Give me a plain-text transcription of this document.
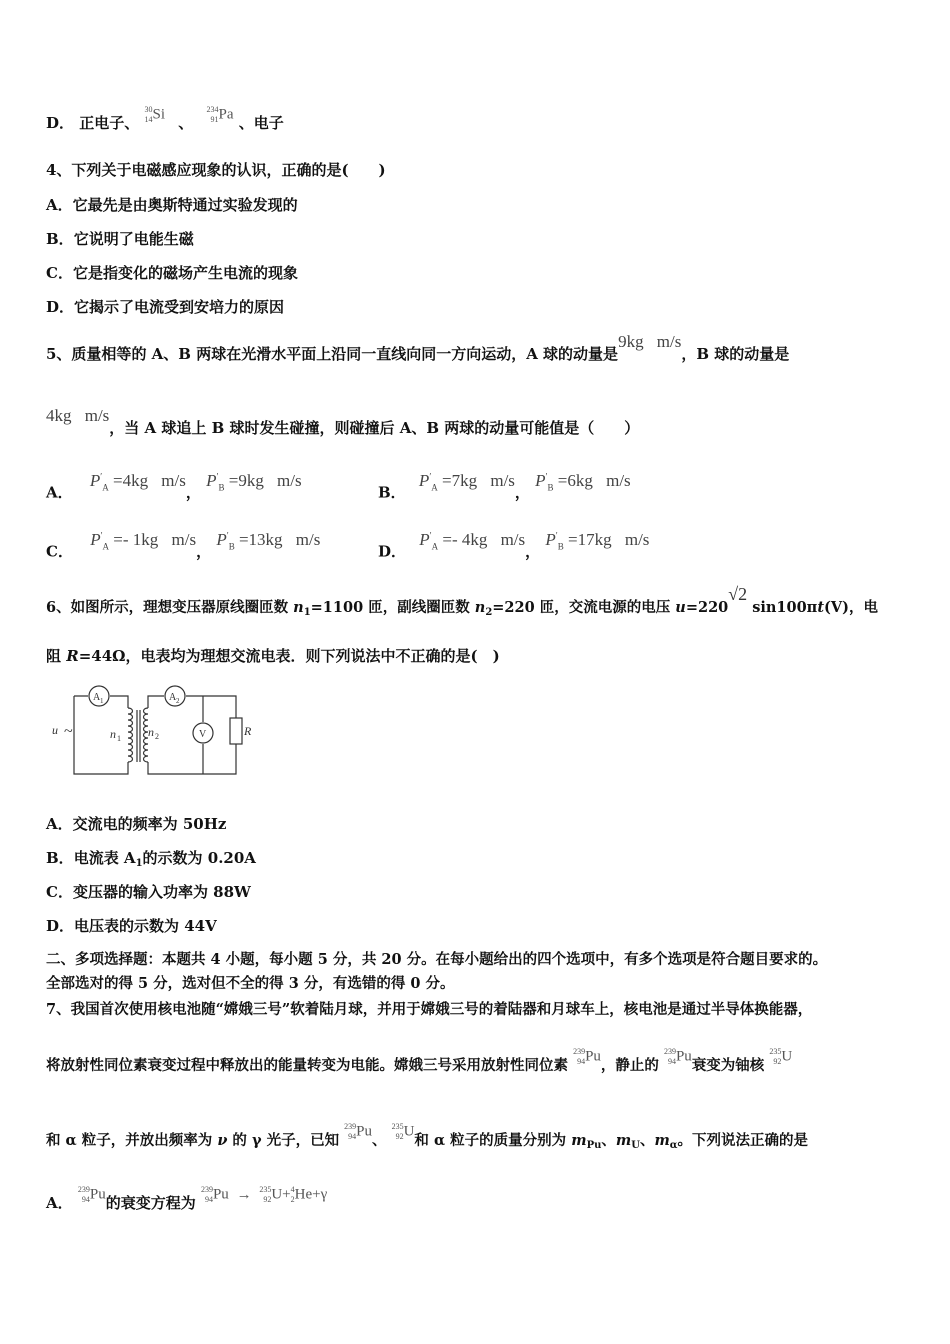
D． 正电子、
30
14 Si 、
234
91 Pa 、电子
4、下列关于电磁感应现象的认识，正确的是(　　)
A．它最先是由奥斯特通过实验发现的
B．它说明了电能生磁
C．它是指变化的磁场产生电流的现象
D．它揭示了电流受到安培力的原因
5、质量相等的 A、B 两球在光滑水平面上沿同一直线向同一方向运动，A 球的动量是9kg⃞m/s，B 球的动量是
4kg⃞m/s，当 A 球追上 B 球时发生碰撞，则碰撞后 A、B 两球的动量可能值是（　　）
A． $P'_A$ =4kg⃞m/s， $P'_B$ =9kg⃞m/s
B． $P'_A$ =7kg⃞m/s， $P'_B$ =6kg⃞m/s
C． $P'_A$ =- 1kg⃞m/s， $P'_B$ =13kg⃞m/s
D． $P'_A$ =- 4kg⃞m/s， $P'_B$ =17kg⃞m/s
6、如图所示，理想变压器原线圈匝数 $n_1=1100$ 匝，副线圈匝数 $n_2=220$ 匝，交流电源的电压 u=220√2 sin100πt(V)，电
阻 R=44Ω，电表均为理想交流电表．则下列说法中不正确的是(　)
u ~	n 1 n 2	R
A 1	A 2
V
A．交流电的频率为 50Hz
B．电流表 $A_1$的示数为 0.20A
C．变压器的输入功率为 88W
D．电压表的示数为 44V
二、多项选择题：本题共 4 小题，每小题 5 分，共 20 分。在每小题给出的四个选项中，有多个选项是符合题目要求的。
全部选对的得 5 分，选对但不全的得 3 分，有选错的得 0 分。
7、我国首次使用核电池随“嫦娥三号”软着陆月球，并用于嫦娥三号的着陆器和月球车上，核电池是通过半导体换能器，
将放射性同位素衰变过程中释放出的能量转变为电能。嫦娥三号采用放射性同位素
239
94 Pu，静止的
239
94 Pu衰变为铀核
235
92 U
和 α 粒子，并放出频率为 ν 的 γ 光子，已知
239
94 Pu、
235
92 U和 α 粒子的质量分别为 $m_{Pu}$、$m_U$、$m_\alpha$。下列说法正确的是
A．
239
94 Pu的衰变方程为
239
94 Pu → 235
92 U+ 4
2 He+γ
